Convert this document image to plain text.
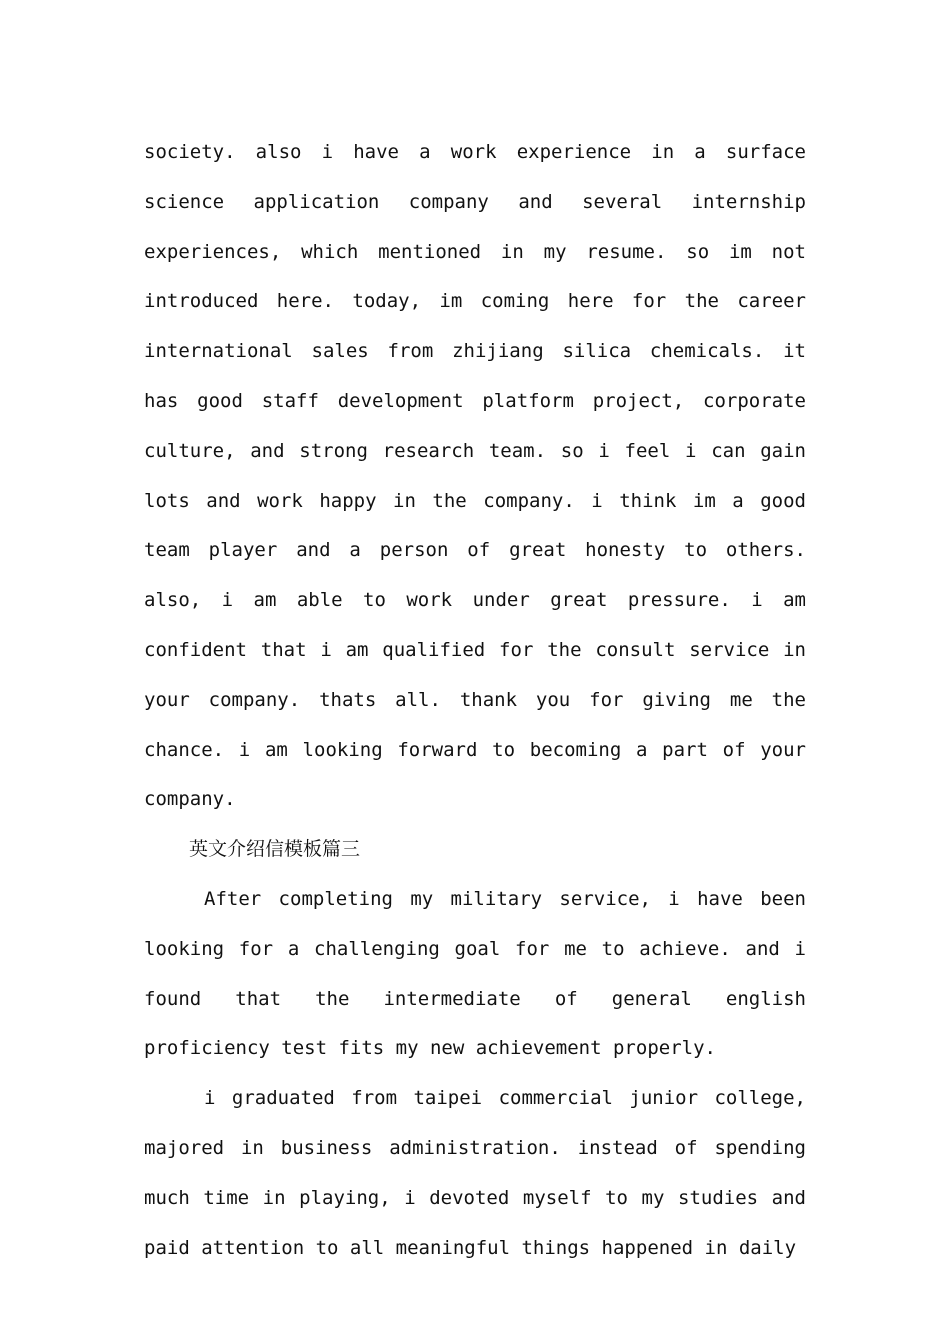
society. also i have a work experience in a surface science application company and several internship experiences, which mentioned in my resume. so im not introduced here. today, im coming here for the career international sales from zhijiang silica chemicals. it has good staff development platform project, corporate culture, and strong research team. so i feel i can gain lots and work happy in the company. i think im a good team player and a person of great honesty to others. also, i am able to work under great pressure. i am confident that i am qualified for the consult service in your company. thats all. thank you for giving me the chance. i am looking forward to becoming a part of your company.

英文介绍信模板篇三

After completing my military service, i have been looking for a challenging goal for me to achieve. and i found that the intermediate of general english proficiency test fits my new achievement properly.

i graduated from taipei commercial junior college, majored in business administration. instead of spending much time in playing, i devoted myself to my studies and paid attention to all meaningful things happened in daily
